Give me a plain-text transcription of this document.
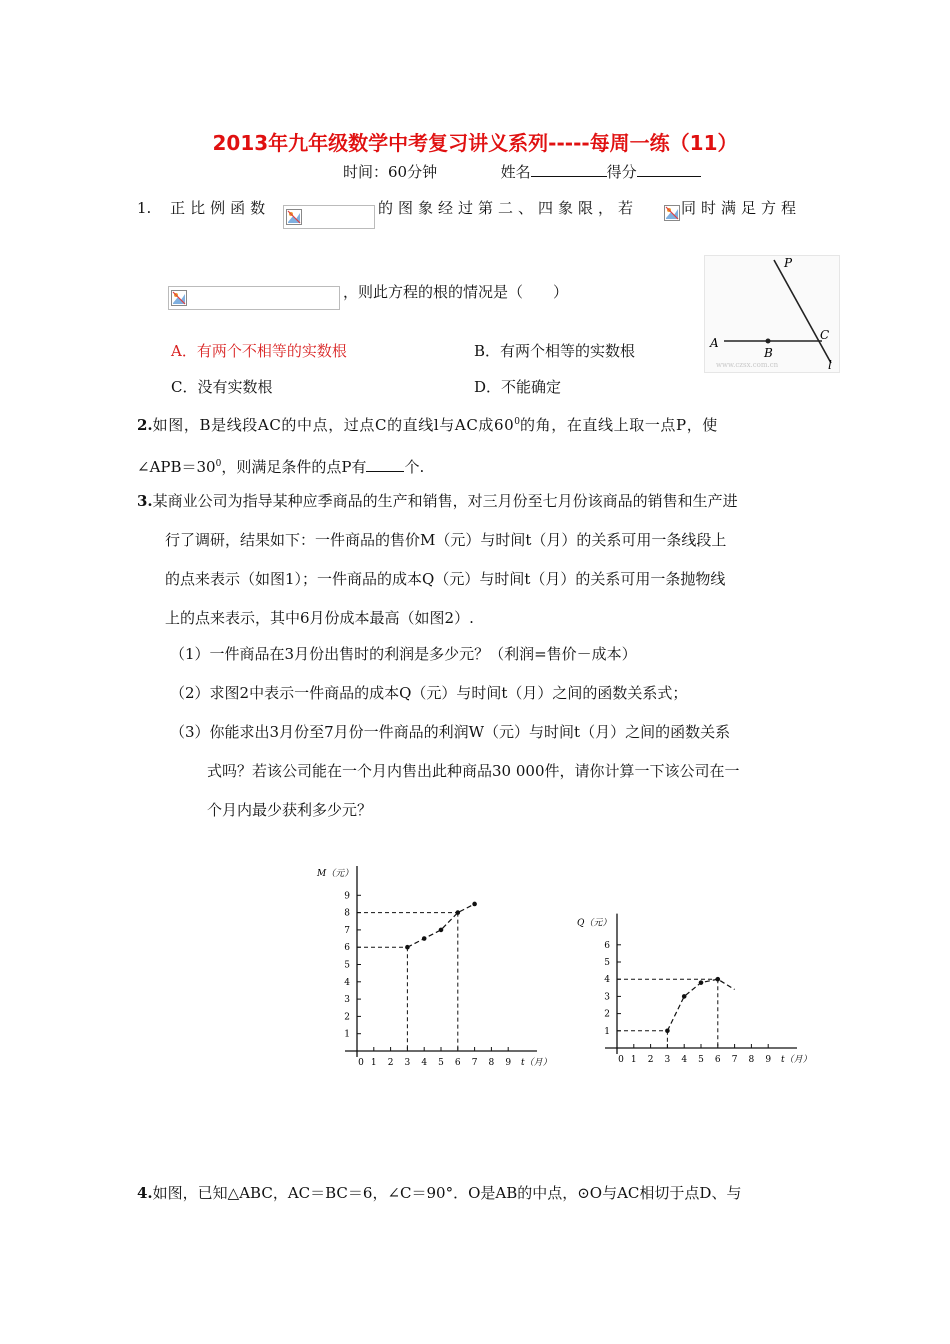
2013年九年级数学中考复习讲义系列-----每周一练（11）
时间：60分钟	姓名	得分
1. 正比例函数	的图象经过第二、四象限，若	同时满足方程
，则此方程的根的情况是（　　）
A．有两个不相等的实数根	B．有两个相等的实数根
C．没有实数根	D．不能确定
P
A
B
C
l
www.czsx.com.cn
2.如图，B是线段AC的中点，过点C的直线l与AC成$60^0$的角，在直线上取一点P，使
$\angle APB=30^0$，则满足条件的点P有	个.
3.某商业公司为指导某种应季商品的生产和销售，对三月份至七月份该商品的销售和生产进
行了调研，结果如下：一件商品的售价M（元）与时间t（月）的关系可用一条线段上
的点来表示（如图1）；一件商品的成本Q（元）与时间t（月）的关系可用一条抛物线
上的点来表示，其中6月份成本最高（如图2）.
（1）一件商品在3月份出售时的利润是多少元？（利润=售价－成本）
（2）求图2中表示一件商品的成本Q（元）与时间t（月）之间的函数关系式；
（3）你能求出3月份至7月份一件商品的利润W（元）与时间t（月）之间的函数关系
式吗？若该公司能在一个月内售出此种商品30 000件，请你计算一下该公司在一
个月内最少获利多少元？
1
2
3
4
5
6
7
8
9
0 1 2 3 4 5 6 7 8 9 t（月）
M（元）
1
2
3
4
5
6
0 1 2 3 4 5 6 7 8 9 t（月）
Q（元）
4.如图，已知△ABC，AC＝BC＝6，∠C＝90°．O是AB的中点，⊙O与AC相切于点D、与
